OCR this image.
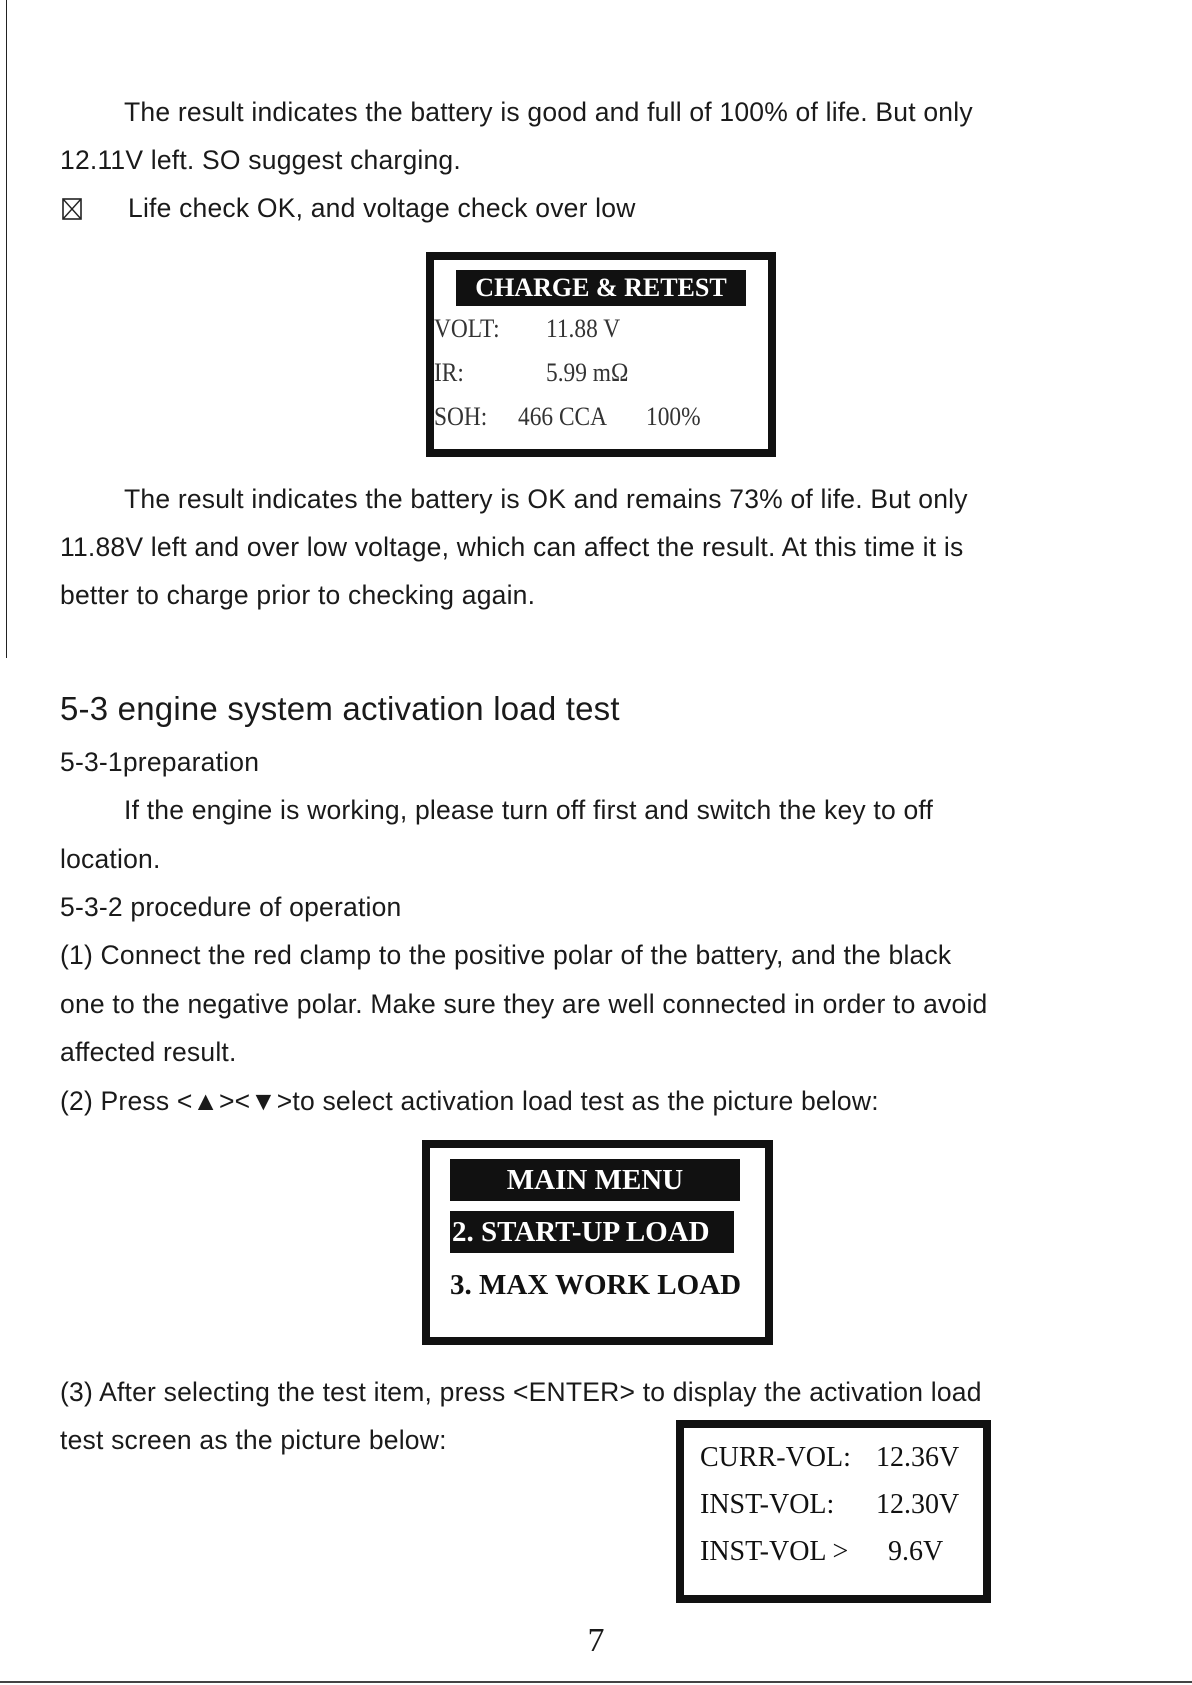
The result indicates the battery is good and full of 100% of life. But only
12.11V left. SO suggest charging.
Life check OK, and voltage check over low
CHARGE & RETEST
VOLT: 11.88 V
IR:	5.99 mΩ
SOH: 466 CCA 100%
The result indicates the battery is OK and remains 73% of life. But only
11.88V left and over low voltage, which can affect the result. At this time it is
better to charge prior to checking again.
5-3 engine system activation load test
5-3-1preparation
If the engine is working, please turn off first and switch the key to off
location.
5-3-2 procedure of operation
(1) Connect the red clamp to the positive polar of the battery, and the black
one to the negative polar. Make sure they are well connected in order to avoid
affected result.
(2) Press <▲><▼>to select activation load test as the picture below:
MAIN MENU
2. START-UP LOAD
3. MAX WORK LOAD
(3) After selecting the test item, press <ENTER> to display the activation load
test screen as the picture below:
CURR-VOL: 12.36V
INST-VOL: 12.30V
INST-VOL > 9.6V
7
